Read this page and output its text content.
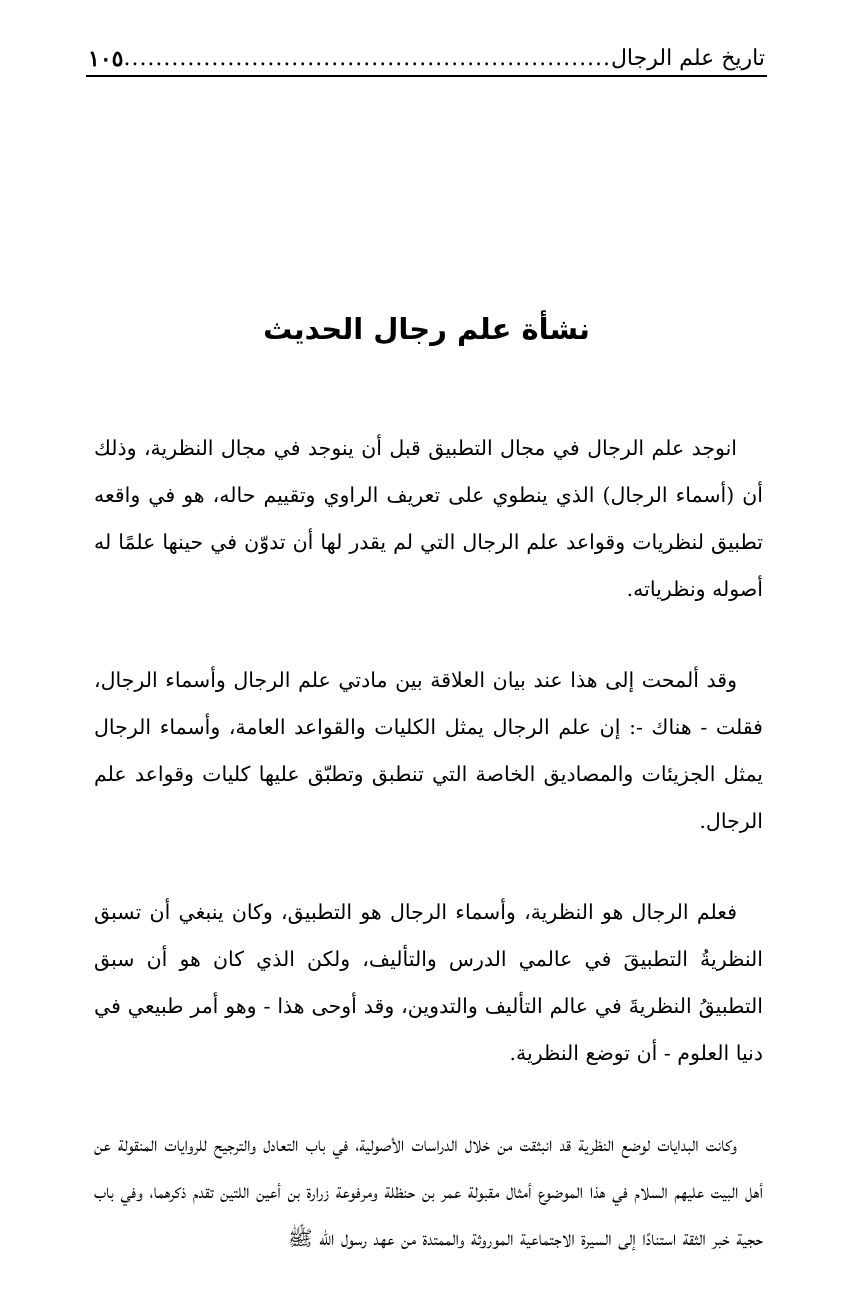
تاريخ علم الرجال
.....
١٠٥
نشأة علم رجال الحديث

انوجد علم الرجال في مجال التطبيق قبل أن ينوجد في مجال النظرية، وذلك أن (أسماء الرجال) الذي ينطوي على تعريف الراوي وتقييم حاله، هو في واقعه تطبيق لنظريات وقواعد علم الرجال التي لم يقدر لها أن تدوّن في حينها علمًا له أصوله ونظرياته.

وقد ألمحت إلى هذا عند بيان العلاقة بين مادتي علم الرجال وأسماء الرجال، فقلت - هناك -: إن علم الرجال يمثل الكليات والقواعد العامة، وأسماء الرجال يمثل الجزيئات والمصاديق الخاصة التي تنطبق وتطبّق عليها كليات وقواعد علم الرجال.

فعلم الرجال هو النظرية، وأسماء الرجال هو التطبيق، وكان ينبغي أن تسبق النظريةُ التطبيقَ في عالمي الدرس والتأليف، ولكن الذي كان هو أن سبق التطبيقُ النظريةَ في عالم التأليف والتدوين، وقد أوحى هذا - وهو أمر طبيعي في دنيا العلوم - أن توضع النظرية.

وكانت البدايات لوضع النظرية قد انبثقت من خلال الدراسات الأصولية، في باب التعادل والترجيح للروايات المنقولة عن أهل البيت عليهم السلام في هذا الموضوع أمثال مقبولة عمر بن حنظلة ومرفوعة زرارة بن أعين اللتين تقدم ذكرهما، وفي باب حجية خبر الثقة استنادًا إلى السيرة الاجتماعية الموروثة والممتدة من عهد رسول الله ﷺ
